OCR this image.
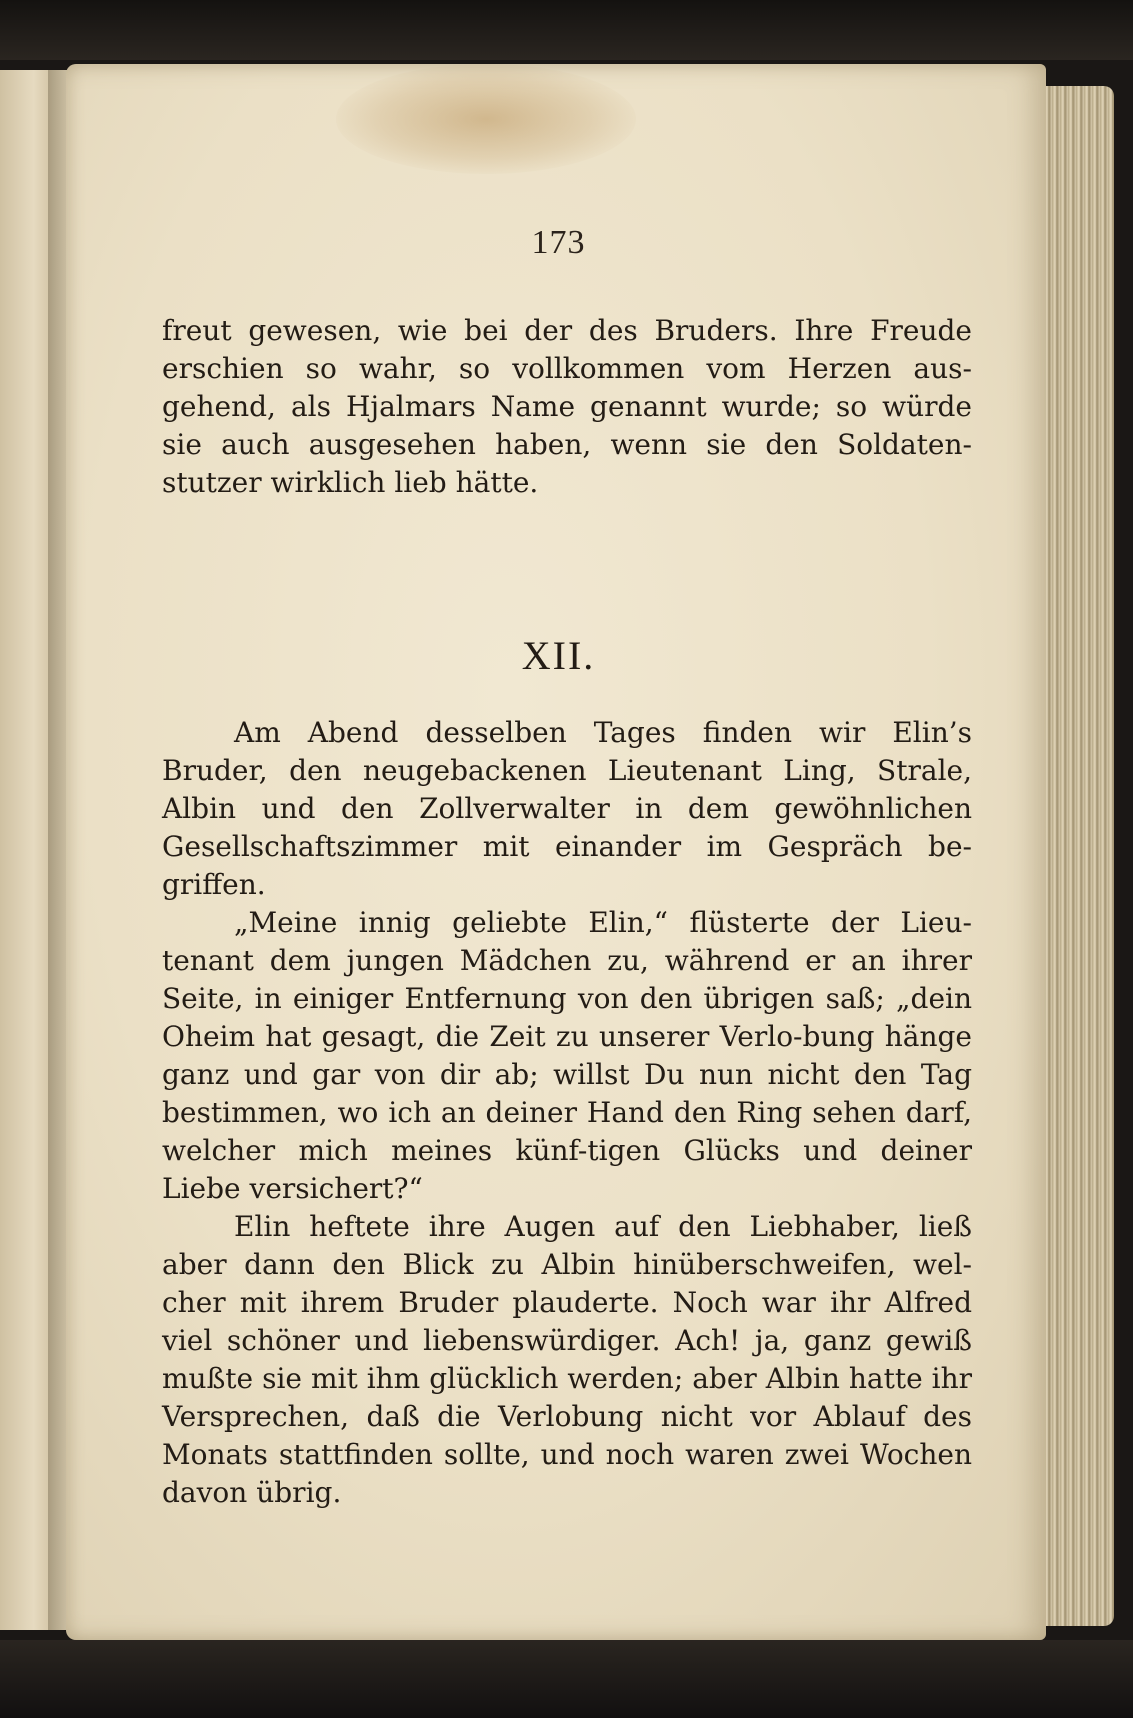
173

freut gewesen, wie bei der des Bruders. Ihre Freude erschien so wahr, so vollkommen vom Herzen aus-gehend, als Hjalmars Name genannt wurde; so würde sie auch ausgesehen haben, wenn sie den Soldaten-stutzer wirklich lieb hätte.

XII.

Am Abend desselben Tages finden wir Elin’s Bruder, den neugebackenen Lieutenant Ling, Strale, Albin und den Zollverwalter in dem gewöhnlichen Gesellschaftszimmer mit einander im Gespräch be-griffen.

„Meine innig geliebte Elin,“ flüsterte der Lieu-tenant dem jungen Mädchen zu, während er an ihrer Seite, in einiger Entfernung von den übrigen saß; „dein Oheim hat gesagt, die Zeit zu unserer Verlo-bung hänge ganz und gar von dir ab; willst Du nun nicht den Tag bestimmen, wo ich an deiner Hand den Ring sehen darf, welcher mich meines künf-tigen Glücks und deiner Liebe versichert?“

Elin heftete ihre Augen auf den Liebhaber, ließ aber dann den Blick zu Albin hinüberschweifen, wel-cher mit ihrem Bruder plauderte. Noch war ihr Alfred viel schöner und liebenswürdiger. Ach! ja, ganz gewiß mußte sie mit ihm glücklich werden; aber Albin hatte ihr Versprechen, daß die Verlobung nicht vor Ablauf des Monats stattfinden sollte, und noch waren zwei Wochen davon übrig.
